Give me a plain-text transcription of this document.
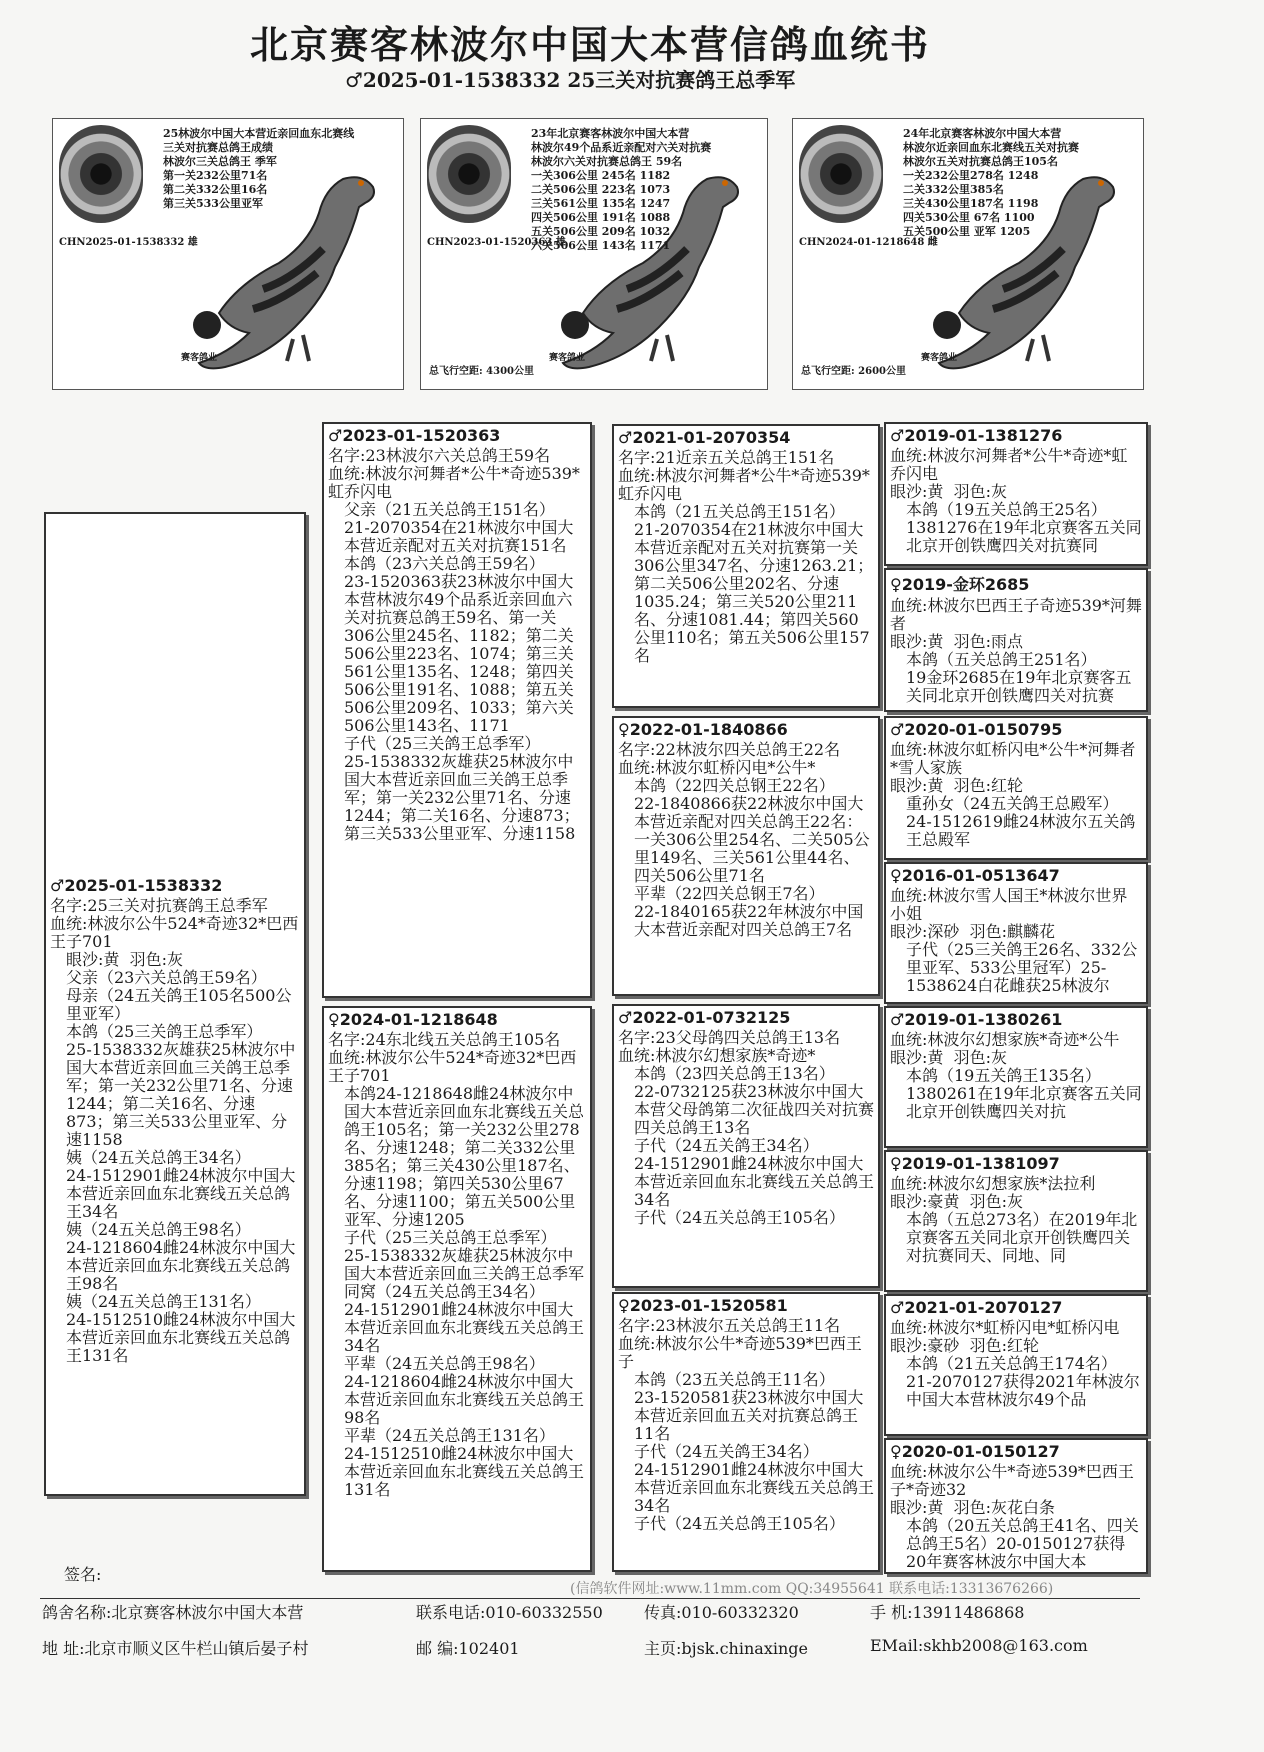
北京赛客林波尔中国大本营信鸽血统书
♂2025-01-1538332 25三关对抗赛鸽王总季军
25林波尔中国大本营近亲回血东北赛线
三关对抗赛总鸽王成绩
林波尔三关总鸽王 季军
第一关232公里71名
第二关332公里16名
第三关533公里亚军
CHN2025-01-1538332 雄
赛客鸽业
23年北京赛客林波尔中国大本营
林波尔49个品系近亲配对六关对抗赛
林波尔六关对抗赛总鸽王 59名
一关306公里 245名 1182
二关506公里 223名 1073
三关561公里 135名 1247
四关506公里 191名 1088
五关506公里 209名 1032
六关506公里 143名 1171
CHN2023-01-1520363 雄
赛客鸽业
总飞行空距: 4300公里
24年北京赛客林波尔中国大本营
林波尔近亲回血东北赛线五关对抗赛
林波尔五关对抗赛总鸽王105名
一关232公里278名 1248
二关332公里385名
三关430公里187名 1198
四关530公里 67名 1100
五关500公里 亚军 1205
CHN2024-01-1218648 雌
赛客鸽业
总飞行空距: 2600公里
♂2025-01-1538332
名字:25三关对抗赛鸽王总季军
血统:林波尔公牛524*奇迹32*巴西王子701
眼沙:黄  羽色:灰
父亲（23六关总鸽王59名）
母亲（24五关鸽王105名500公里亚军）
本鸽（25三关鸽王总季军）
25-1538332灰雄获25林波尔中国大本营近亲回血三关鸽王总季军；第一关232公里71名、分速1244；第二关16名、分速873；第三关533公里亚军、分速1158
姨（24五关总鸽王34名）
24-1512901雌24林波尔中国大本营近亲回血东北赛线五关总鸽王34名
姨（24五关总鸽王98名）
24-1218604雌24林波尔中国大本营近亲回血东北赛线五关总鸽王98名
姨（24五关总鸽王131名）
24-1512510雌24林波尔中国大本营近亲回血东北赛线五关总鸽王131名
♂2023-01-1520363
名字:23林波尔六关总鸽王59名
血统:林波尔河舞者*公牛*奇迹539*虹乔闪电
父亲（21五关总鸽王151名）
21-2070354在21林波尔中国大本营近亲配对五关对抗赛151名
本鸽（23六关总鸽王59名）
23-1520363获23林波尔中国大本营林波尔49个品系近亲回血六关对抗赛总鸽王59名、第一关306公里245名、1182；第二关506公里223名、1074；第三关561公里135名、1248；第四关506公里191名、1088；第五关506公里209名、1033；第六关506公里143名、1171
子代（25三关鸽王总季军）
25-1538332灰雄获25林波尔中国大本营近亲回血三关鸽王总季军；第一关232公里71名、分速1244；第二关16名、分速873；第三关533公里亚军、分速1158
♀2024-01-1218648
名字:24东北线五关总鸽王105名
血统:林波尔公牛524*奇迹32*巴西王子701
本鸽24-1218648雌24林波尔中国大本营近亲回血东北赛线五关总鸽王105名；第一关232公里278名、分速1248；第二关332公里385名；第三关430公里187名、分速1198；第四关530公里67名、分速1100；第五关500公里亚军、分速1205
子代（25三关总鸽王总季军）
25-1538332灰雄获25林波尔中国大本营近亲回血三关鸽王总季军
同窝（24五关总鸽王34名）
24-1512901雌24林波尔中国大本营近亲回血东北赛线五关总鸽王34名
平辈（24五关总鸽王98名）
24-1218604雌24林波尔中国大本营近亲回血东北赛线五关总鸽王98名
平辈（24五关总鸽王131名）
24-1512510雌24林波尔中国大本营近亲回血东北赛线五关总鸽王131名
♂2021-01-2070354
名字:21近亲五关总鸽王151名
血统:林波尔河舞者*公牛*奇迹539*虹乔闪电
本鸽（21五关总鸽王151名）
21-2070354在21林波尔中国大本营近亲配对五关对抗赛第一关306公里347名、分速1263.21；第二关506公里202名、分速1035.24；第三关520公里211名、分速1081.44；第四关560公里110名；第五关506公里157名
♀2022-01-1840866
名字:22林波尔四关总鸽王22名
血统:林波尔虹桥闪电*公牛*
本鸽（22四关总钢王22名）
22-1840866获22林波尔中国大本营近亲配对四关总鸽王22名：一关306公里254名、二关505公里149名、三关561公里44名、四关506公里71名
平辈（22四关总钢王7名）
22-1840165获22年林波尔中国大本营近亲配对四关总鸽王7名
♂2022-01-0732125
名字:23父母鸽四关总鸽王13名
血统:林波尔幻想家族*奇迹*
本鸽（23四关总鸽王13名）
22-0732125获23林波尔中国大本营父母鸽第二次征战四关对抗赛四关总鸽王13名
子代（24五关鸽王34名）
24-1512901雌24林波尔中国大本营近亲回血东北赛线五关总鸽王34名
子代（24五关总鸽王105名）
♀2023-01-1520581
名字:23林波尔五关总鸽王11名
血统:林波尔公牛*奇迹539*巴西王子
本鸽（23五关总鸽王11名）
23-1520581获23林波尔中国大本营近亲回血五关对抗赛总鸽王11名
子代（24五关鸽王34名）
24-1512901雌24林波尔中国大本营近亲回血东北赛线五关总鸽王34名
子代（24五关总鸽王105名）
♂2019-01-1381276
血统:林波尔河舞者*公牛*奇迹*虹乔闪电
眼沙:黄  羽色:灰
本鸽（19五关总鸽王25名）
1381276在19年北京赛客五关同北京开创铁鹰四关对抗赛同
♀2019-金环2685
血统:林波尔巴西王子奇迹539*河舞者
眼沙:黄  羽色:雨点
本鸽（五关总鸽王251名）
19金环2685在19年北京赛客五关同北京开创铁鹰四关对抗赛
♂2020-01-0150795
血统:林波尔虹桥闪电*公牛*河舞者*雪人家族
眼沙:黄  羽色:红轮
重孙女（24五关鸽王总殿军）24-1512619雌24林波尔五关鸽王总殿军
♀2016-01-0513647
血统:林波尔雪人国王*林波尔世界小姐
眼沙:深砂  羽色:麒麟花
子代（25三关鸽王26名、332公里亚军、533公里冠军）25-1538624白花雌获25林波尔
♂2019-01-1380261
血统:林波尔幻想家族*奇迹*公牛
眼沙:黄  羽色:灰
本鸽（19五关鸽王135名）1380261在19年北京赛客五关同北京开创铁鹰四关对抗
♀2019-01-1381097
血统:林波尔幻想家族*法拉利
眼沙:豪黄  羽色:灰
本鸽（五总273名）在2019年北京赛客五关同北京开创铁鹰四关对抗赛同天、同地、同
♂2021-01-2070127
血统:林波尔*虹桥闪电*虹桥闪电
眼沙:豪砂  羽色:红轮
本鸽（21五关总鸽王174名）21-2070127获得2021年林波尔中国大本营林波尔49个品
♀2020-01-0150127
血统:林波尔公牛*奇迹539*巴西王子*奇迹32
眼沙:黄  羽色:灰花白条
本鸽（20五关总鸽王41名、四关总鸽王5名）20-0150127获得20年赛客林波尔中国大本
签名:
(信鸽软件网址:www.11mm.com QQ:34955641 联系电话:13313676266)
鸽舍名称:北京赛客林波尔中国大本营	联系电话:010-60332550	传真:010-60332320	手 机:13911486868
地 址:北京市顺义区牛栏山镇后晏子村	邮 编:102401	主页:bjsk.chinaxinge	EMail:skhb2008@163.com
